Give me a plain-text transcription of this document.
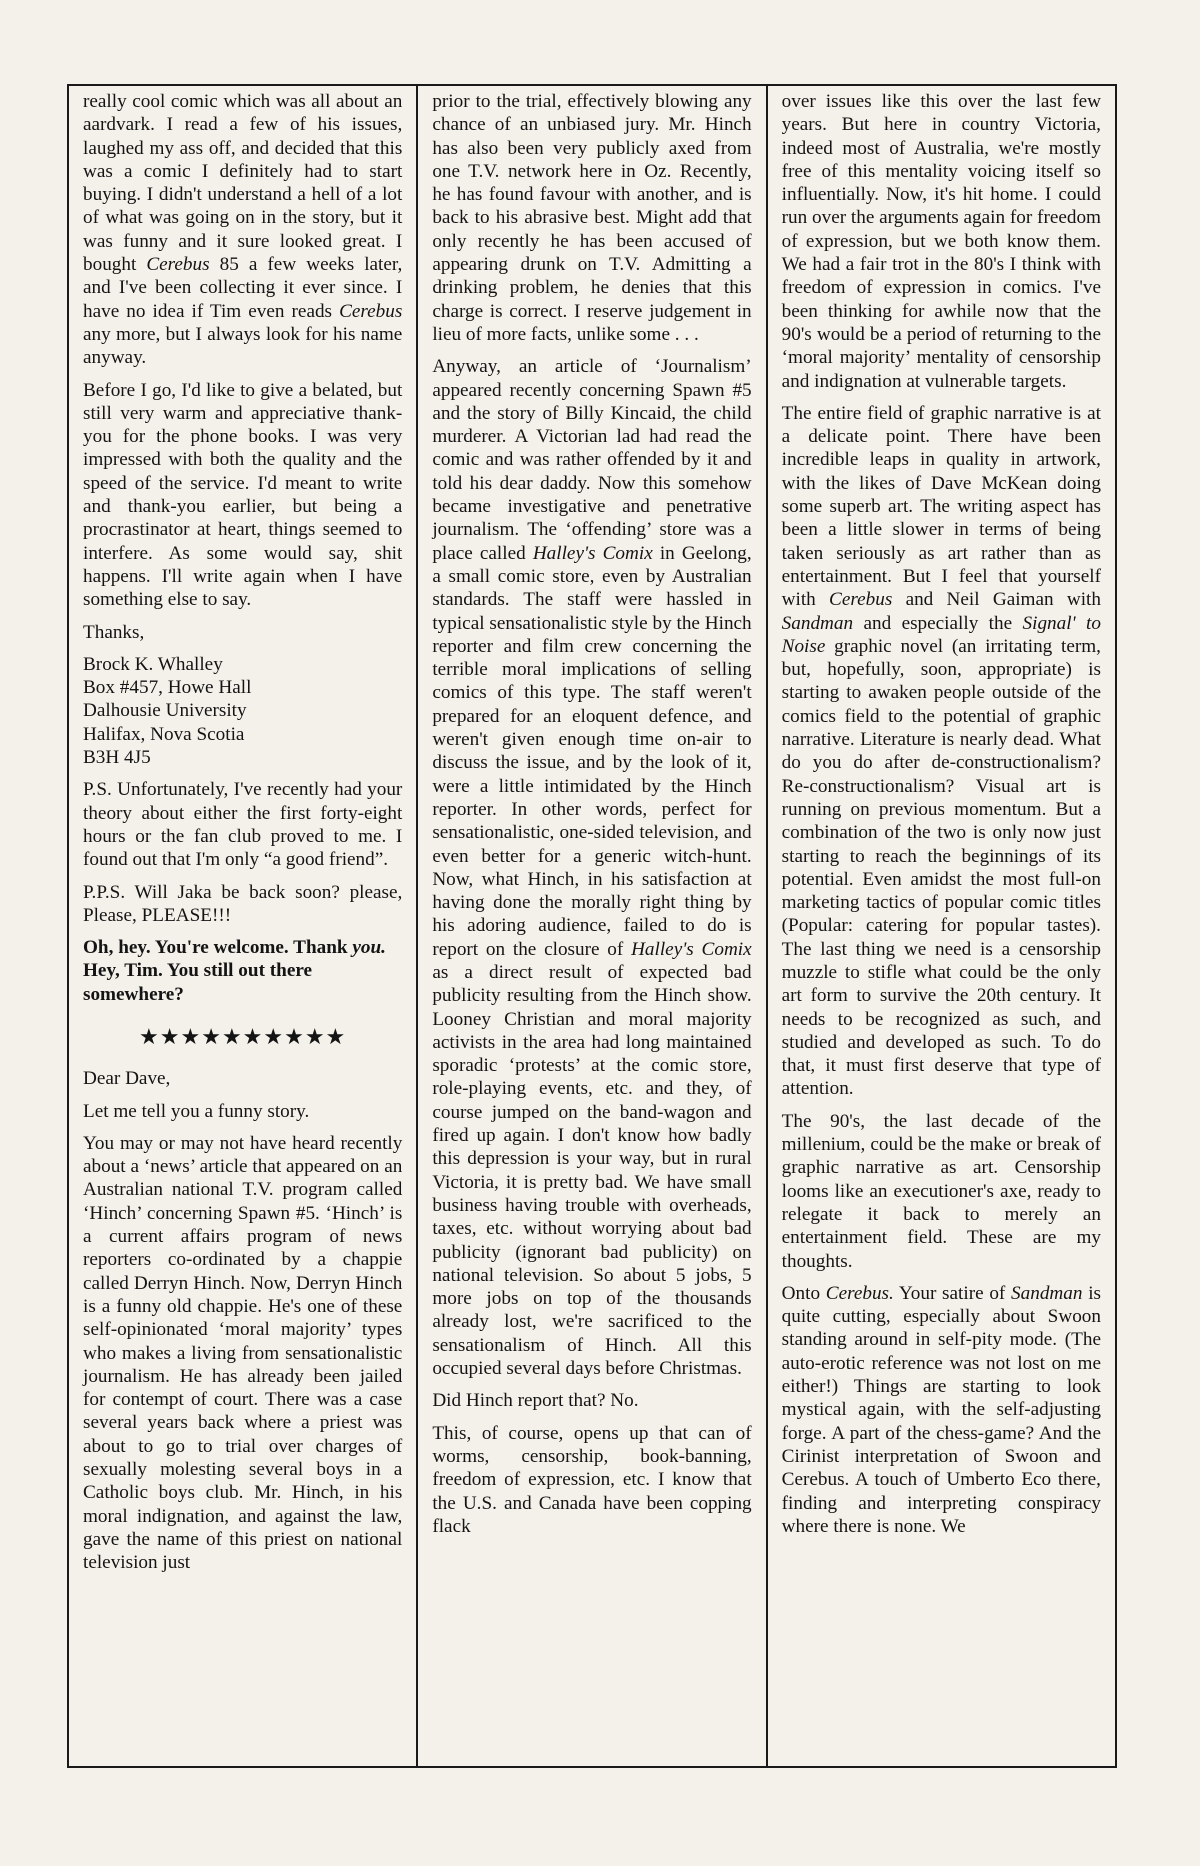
really cool comic which was all about an aardvark. I read a few of his issues, laughed my ass off, and decided that this was a comic I definitely had to start buying. I didn't understand a hell of a lot of what was going on in the story, but it was funny and it sure looked great. I bought Cerebus 85 a few weeks later, and I've been collecting it ever since. I have no idea if Tim even reads Cerebus any more, but I always look for his name anyway.

Before I go, I'd like to give a belated, but still very warm and appreciative thank-you for the phone books. I was very impressed with both the quality and the speed of the service. I'd meant to write and thank-you earlier, but being a procrastinator at heart, things seemed to interfere. As some would say, shit happens. I'll write again when I have something else to say.

Thanks,

Brock K. Whalley
Box #457, Howe Hall
Dalhousie University
Halifax, Nova Scotia
B3H 4J5

P.S. Unfortunately, I've recently had your theory about either the first forty-eight hours or the fan club proved to me. I found out that I'm only “a good friend”.

P.P.S. Will Jaka be back soon? please, Please, PLEASE!!!

Oh, hey. You're welcome. Thank you. Hey, Tim. You still out there somewhere?

★★★★★★★★★★

Dear Dave,

Let me tell you a funny story.

You may or may not have heard recently about a ‘news’ article that appeared on an Australian national T.V. program called ‘Hinch’ concerning Spawn #5. ‘Hinch’ is a current affairs program of news reporters co-ordinated by a chappie called Derryn Hinch. Now, Derryn Hinch is a funny old chappie. He's one of these self-opinionated ‘moral majority’ types who makes a living from sensationalistic journalism. He has already been jailed for contempt of court. There was a case several years back where a priest was about to go to trial over charges of sexually molesting several boys in a Catholic boys club. Mr. Hinch, in his moral indignation, and against the law, gave the name of this priest on national television just

prior to the trial, effectively blowing any chance of an unbiased jury. Mr. Hinch has also been very publicly axed from one T.V. network here in Oz. Recently, he has found favour with another, and is back to his abrasive best. Might add that only recently he has been accused of appearing drunk on T.V. Admitting a drinking problem, he denies that this charge is correct. I reserve judgement in lieu of more facts, unlike some . . .

Anyway, an article of ‘Journalism’ appeared recently concerning Spawn #5 and the story of Billy Kincaid, the child murderer. A Victorian lad had read the comic and was rather offended by it and told his dear daddy. Now this somehow became investigative and penetrative journalism. The ‘offending’ store was a place called Halley's Comix in Geelong, a small comic store, even by Australian standards. The staff were hassled in typical sensationalistic style by the Hinch reporter and film crew concerning the terrible moral implications of selling comics of this type. The staff weren't prepared for an eloquent defence, and weren't given enough time on-air to discuss the issue, and by the look of it, were a little intimidated by the Hinch reporter. In other words, perfect for sensationalistic, one-sided television, and even better for a generic witch-hunt. Now, what Hinch, in his satisfaction at having done the morally right thing by his adoring audience, failed to do is report on the closure of Halley's Comix as a direct result of expected bad publicity resulting from the Hinch show. Looney Christian and moral majority activists in the area had long maintained sporadic ‘protests’ at the comic store, role-playing events, etc. and they, of course jumped on the band-wagon and fired up again. I don't know how badly this depression is your way, but in rural Victoria, it is pretty bad. We have small business having trouble with overheads, taxes, etc. without worrying about bad publicity (ignorant bad publicity) on national television. So about 5 jobs, 5 more jobs on top of the thousands already lost, we're sacrificed to the sensationalism of Hinch. All this occupied several days before Christmas.

Did Hinch report that? No.

This, of course, opens up that can of worms, censorship, book-banning, freedom of expression, etc. I know that the U.S. and Canada have been copping flack

over issues like this over the last few years. But here in country Victoria, indeed most of Australia, we're mostly free of this mentality voicing itself so influentially. Now, it's hit home. I could run over the arguments again for freedom of expression, but we both know them. We had a fair trot in the 80's I think with freedom of expression in comics. I've been thinking for awhile now that the 90's would be a period of returning to the ‘moral majority’ mentality of censorship and indignation at vulnerable targets.

The entire field of graphic narrative is at a delicate point. There have been incredible leaps in quality in artwork, with the likes of Dave McKean doing some superb art. The writing aspect has been a little slower in terms of being taken seriously as art rather than as entertainment. But I feel that yourself with Cerebus and Neil Gaiman with Sandman and especially the Signal' to Noise graphic novel (an irritating term, but, hopefully, soon, appropriate) is starting to awaken people outside of the comics field to the potential of graphic narrative. Literature is nearly dead. What do you do after de-constructionalism? Re-constructionalism? Visual art is running on previous momentum. But a combination of the two is only now just starting to reach the beginnings of its potential. Even amidst the most full-on marketing tactics of popular comic titles (Popular: catering for popular tastes). The last thing we need is a censorship muzzle to stifle what could be the only art form to survive the 20th century. It needs to be recognized as such, and studied and developed as such. To do that, it must first deserve that type of attention.

The 90's, the last decade of the millenium, could be the make or break of graphic narrative as art. Censorship looms like an executioner's axe, ready to relegate it back to merely an entertainment field. These are my thoughts.

Onto Cerebus. Your satire of Sandman is quite cutting, especially about Swoon standing around in self-pity mode. (The auto-erotic reference was not lost on me either!) Things are starting to look mystical again, with the self-adjusting forge. A part of the chess-game? And the Cirinist interpretation of Swoon and Cerebus. A touch of Umberto Eco there, finding and interpreting conspiracy where there is none. We
